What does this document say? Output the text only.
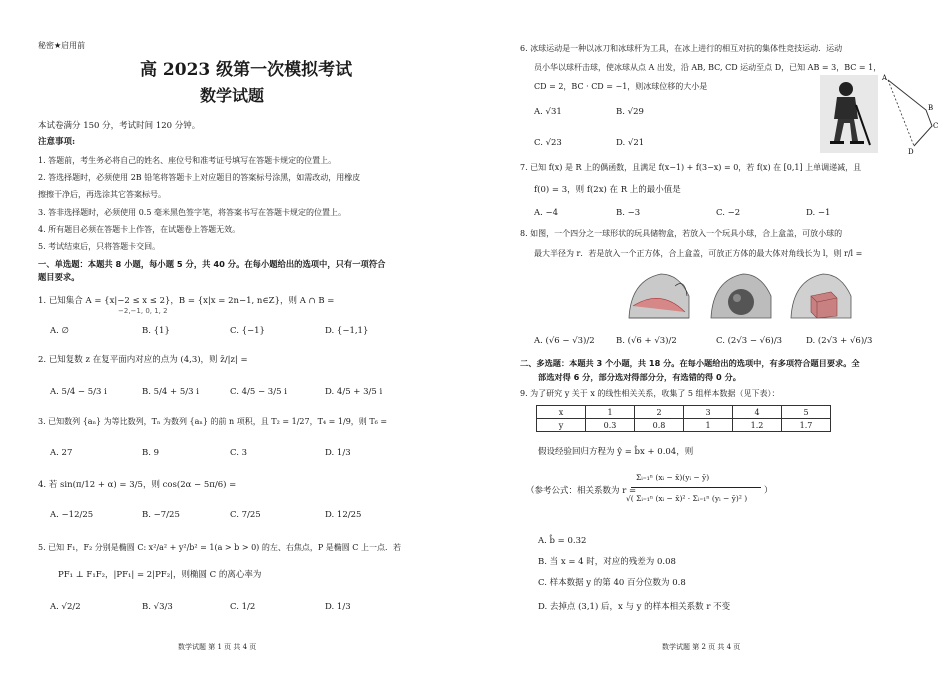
秘密★启用前
高 2023 级第一次模拟考试
数学试题
本试卷满分 150 分，考试时间 120 分钟。
注意事项:
1. 答题前，考生务必将自己的姓名、座位号和准考证号填写在答题卡规定的位置上。
2. 答选择题时，必须使用 2B 铅笔将答题卡上对应题目的答案标号涂黑，如需改动，用橡皮
擦擦干净后，再选涂其它答案标号。
3. 答非选择题时，必须使用 0.5 毫米黑色签字笔，将答案书写在答题卡规定的位置上。
4. 所有题目必须在答题卡上作答，在试题卷上答题无效。
5. 考试结束后，只将答题卡交回。
一、单选题：本题共 8 小题，每小题 5 分，共 40 分。在每小题给出的选项中，只有一项符合
题目要求。
1. 已知集合 A = {x|−2 ≤ x ≤ 2}，B = {x|x = 2n−1, n∈Z}，则 A ∩ B =
−2,−1, 0, 1, 2
A. ∅	B. {1}	C. {−1}	D. {−1,1}
2. 已知复数 z 在复平面内对应的点为 (4,3)，则 z̄/|z| =
A. 5/4 − 5/3 i	B. 5/4 + 5/3 i	C. 4/5 − 3/5 i	D. 4/5 + 3/5 i
3. 已知数列 {aₙ} 为等比数列，Tₙ 为数列 {aₙ} 的前 n 项积，且 T₂ = 1/27，T₄ = 1/9，则 T₆ =
A. 27	B. 9	C. 3	D. 1/3
4. 若 sin(π/12 + α) = 3/5，则 cos(2α − 5π/6) =
A. −12/25	B. −7/25	C. 7/25	D. 12/25
5. 已知 F₁，F₂ 分别是椭圆 C: x²/a² + y²/b² = 1(a > b > 0) 的左、右焦点，P 是椭圆 C 上一点．若
PF₁ ⊥ F₁F₂，|PF₁| = 2|PF₂|，则椭圆 C 的离心率为
A. √2/2	B. √3/3	C. 1/2	D. 1/3
数学试题 第 1 页 共 4 页
6. 冰球运动是一种以冰刀和冰球杆为工具，在冰上进行的相互对抗的集体性竞技运动．运动
员小华以球杆击球，使冰球从点 A 出发，沿 AB, BC, CD 运动至点 D，已知 AB = 3，BC = 1，
CD = 2，BC · CD = −1，则冰球位移的大小是
A. √31	B. √29
C. √23	D. √21
A
B
C
D
7. 已知 f(x) 是 R 上的偶函数，且满足 f(x−1) + f(3−x) = 0，若 f(x) 在 [0,1] 上单调递减，且
f(0) = 3，则 f(2x) 在 R 上的最小值是
A. −4	B. −3	C. −2	D. −1
8. 如图，一个四分之一球形状的玩具储物盒，若放入一个玩具小球，合上盒盖，可放小球的
最大半径为 r．若是放入一个正方体，合上盒盖，可放正方体的最大体对角线长为 l，则 r/l =
A. (√6 − √3)/2	B. (√6 + √3)/2	C. (2√3 − √6)/3	D. (2√3 + √6)/3
二、多选题：本题共 3 个小题，共 18 分。在每小题给出的选项中，有多项符合题目要求。全
部选对得 6 分，部分选对得部分分，有选错的得 0 分。
9. 为了研究 y 关于 x 的线性相关关系，收集了 5 组样本数据（见下表）：
x	1	2	3	4	5
y	0.3	0.8	1	1.2	1.7
假设经验回归方程为 ŷ = b̂x + 0.04，则
（参考公式：相关系数为 r =
Σᵢ₌₁ⁿ (xᵢ − x̄)(yᵢ − ȳ)
√( Σᵢ₌₁ⁿ (xᵢ − x̄)² · Σᵢ₌₁ⁿ (yᵢ − ȳ)² )
）
A. b̂ = 0.32
B. 当 x = 4 时，对应的残差为 0.08
C. 样本数据 y 的第 40 百分位数为 0.8
D. 去掉点 (3,1) 后，x 与 y 的样本相关系数 r 不变
数学试题 第 2 页 共 4 页
